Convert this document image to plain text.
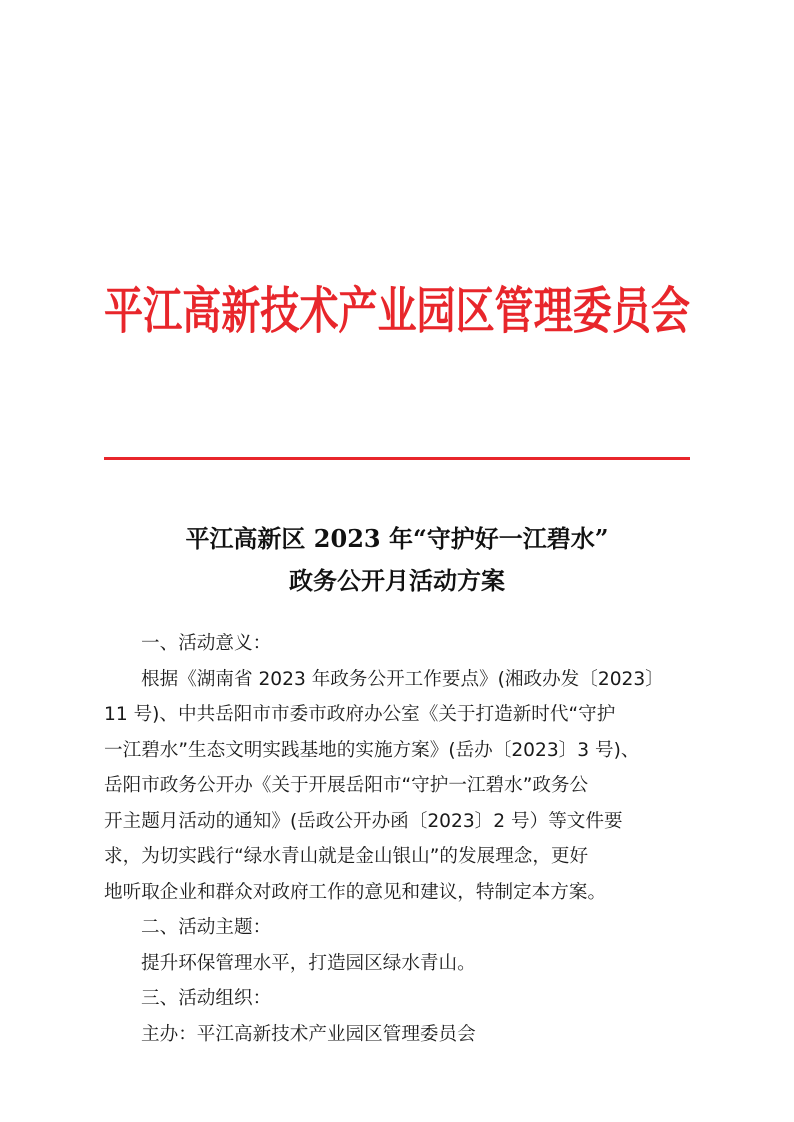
平江高新技术产业园区管理委员会
平江高新区 2023 年“守护好一江碧水”
政务公开月活动方案
一、活动意义：
根据《湖南省 2023 年政务公开工作要点》(湘政办发〔2023〕
11 号)、中共岳阳市市委市政府办公室《关于打造新时代“守护
一江碧水”生态文明实践基地的实施方案》(岳办〔2023〕3 号)、
岳阳市政务公开办《关于开展岳阳市“守护一江碧水”政务公
开主题月活动的通知》(岳政公开办函〔2023〕2 号）等文件要
求，为切实践行“绿水青山就是金山银山”的发展理念，更好
地听取企业和群众对政府工作的意见和建议，特制定本方案。
二、活动主题：
提升环保管理水平，打造园区绿水青山。
三、活动组织：
主办：平江高新技术产业园区管理委员会
